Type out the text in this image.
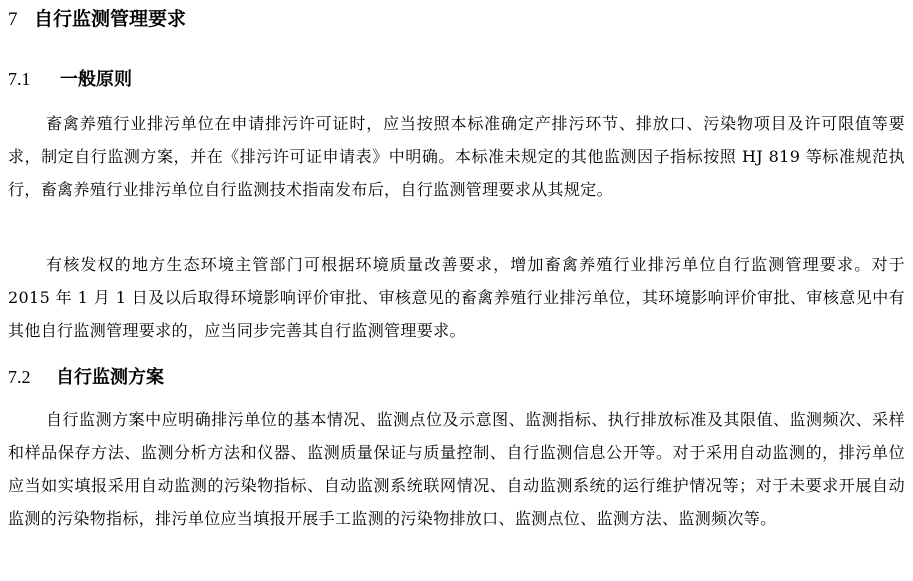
7 自行监测管理要求
7.1 一般原则

畜禽养殖行业排污单位在申请排污许可证时，应当按照本标准确定产排污环节、排放口、污染物项目及许可限值等要求，制定自行监测方案，并在《排污许可证申请表》中明确。本标准未规定的其他监测因子指标按照 HJ 819 等标准规范执行，畜禽养殖行业排污单位自行监测技术指南发布后，自行监测管理要求从其规定。

有核发权的地方生态环境主管部门可根据环境质量改善要求，增加畜禽养殖行业排污单位自行监测管理要求。对于 2015 年 1 月 1 日及以后取得环境影响评价审批、审核意见的畜禽养殖行业排污单位，其环境影响评价审批、审核意见中有其他自行监测管理要求的，应当同步完善其自行监测管理要求。

7.2 自行监测方案

自行监测方案中应明确排污单位的基本情况、监测点位及示意图、监测指标、执行排放标准及其限值、监测频次、采样和样品保存方法、监测分析方法和仪器、监测质量保证与质量控制、自行监测信息公开等。对于采用自动监测的，排污单位应当如实填报采用自动监测的污染物指标、自动监测系统联网情况、自动监测系统的运行维护情况等；对于未要求开展自动监测的污染物指标，排污单位应当填报开展手工监测的污染物排放口、监测点位、监测方法、监测频次等。
